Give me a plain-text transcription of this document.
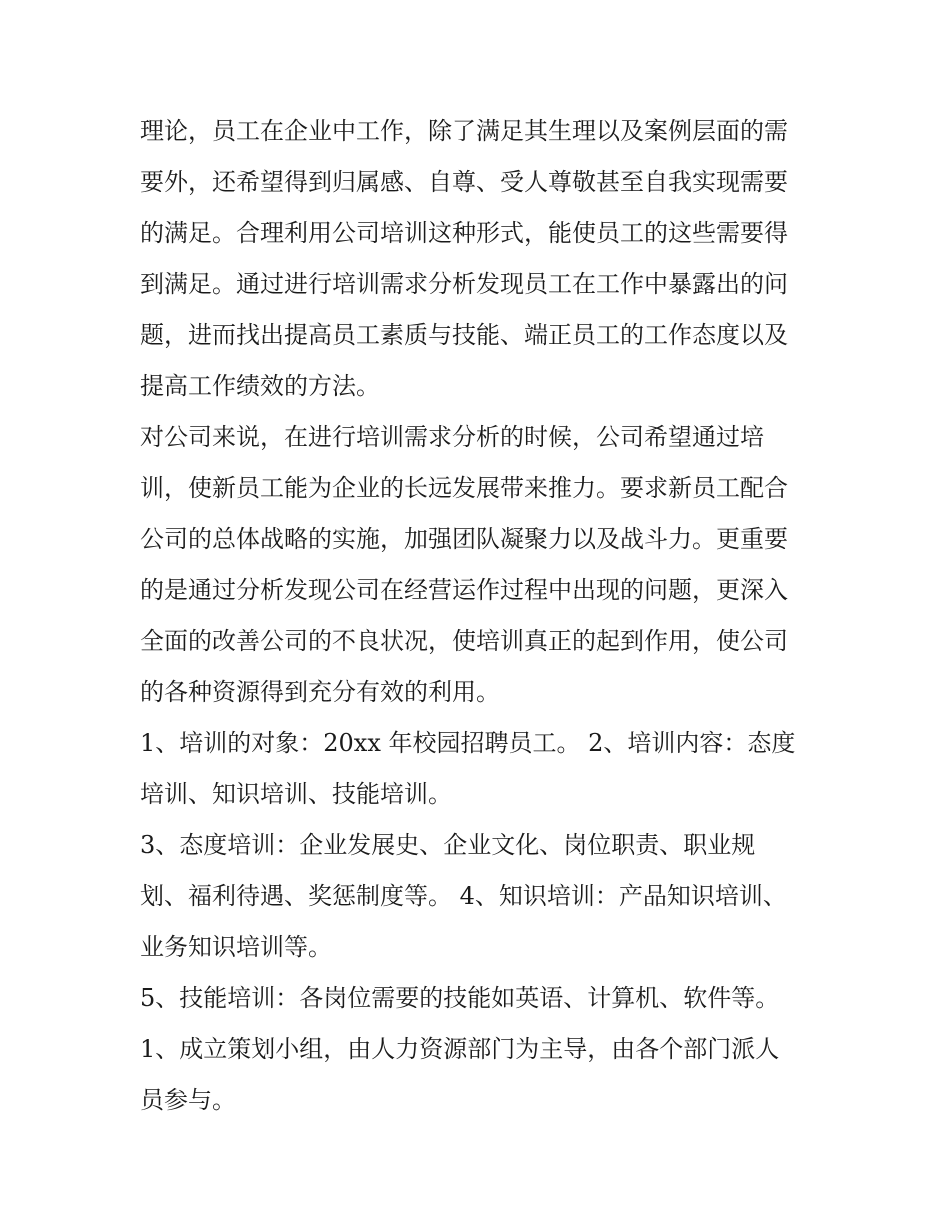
理论，员工在企业中工作，除了满足其生理以及案例层面的需
要外，还希望得到归属感、自尊、受人尊敬甚至自我实现需要
的满足。合理利用公司培训这种形式，能使员工的这些需要得
到满足。通过进行培训需求分析发现员工在工作中暴露出的问
题，进而找出提高员工素质与技能、端正员工的工作态度以及
提高工作绩效的方法。
对公司来说，在进行培训需求分析的时候，公司希望通过培
训，使新员工能为企业的长远发展带来推力。要求新员工配合
公司的总体战略的实施，加强团队凝聚力以及战斗力。更重要
的是通过分析发现公司在经营运作过程中出现的问题，更深入
全面的改善公司的不良状况，使培训真正的起到作用，使公司
的各种资源得到充分有效的利用。
1、培训的对象：20xx 年校园招聘员工。 2、培训内容：态度
培训、知识培训、技能培训。
3、态度培训：企业发展史、企业文化、岗位职责、职业规
划、福利待遇、奖惩制度等。 4、知识培训：产品知识培训、
业务知识培训等。
5、技能培训：各岗位需要的技能如英语、计算机、软件等。
1、成立策划小组，由人力资源部门为主导，由各个部门派人
员参与。
